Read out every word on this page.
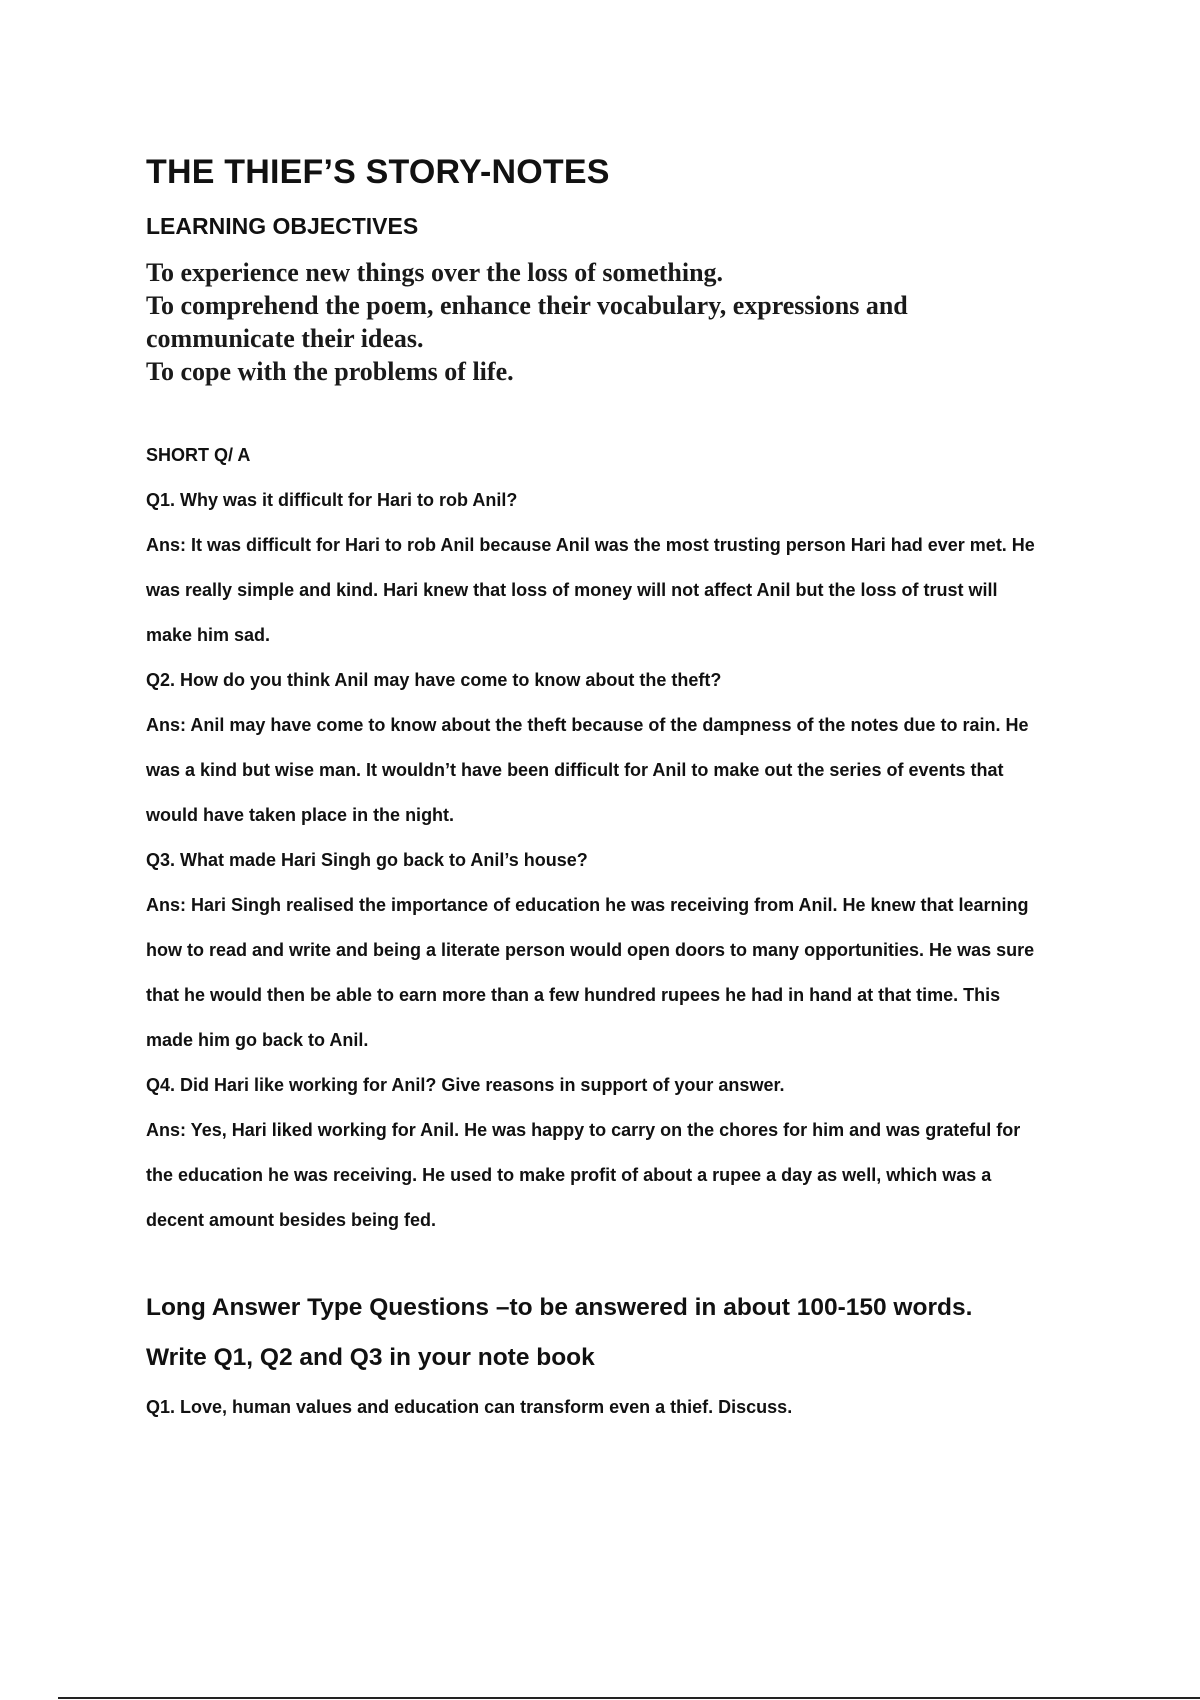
THE THIEF’S STORY-NOTES
LEARNING OBJECTIVES
To experience new things over the loss of something.
To comprehend the poem, enhance their vocabulary, expressions and communicate their ideas.
To cope with the problems of life.
SHORT Q/ A

Q1. Why was it difficult for Hari to rob Anil?

Ans: It was difficult for Hari to rob Anil because Anil was the most trusting person Hari had ever met. He was really simple and kind. Hari knew that loss of money will not affect Anil but the loss of trust will make him sad.

Q2. How do you think Anil may have come to know about the theft?

Ans: Anil may have come to know about the theft because of the dampness of the notes due to rain. He was a kind but wise man. It wouldn’t have been difficult for Anil to make out the series of events that would have taken place in the night.

Q3. What made Hari Singh go back to Anil’s house?

Ans: Hari Singh realised the importance of education he was receiving from Anil. He knew that learning how to read and write and being a literate person would open doors to many opportunities. He was sure that he would then be able to earn more than a few hundred rupees he had in hand at that time. This made him go back to Anil.

Q4. Did Hari like working for Anil? Give reasons in support of your answer.

Ans: Yes, Hari liked working for Anil. He was happy to carry on the chores for him and was grateful for the education he was receiving. He used to make profit of about a rupee a day as well, which was a decent amount besides being fed.

Long Answer Type Questions –to be answered in about 100-150 words.

Write Q1, Q2 and Q3 in your note book

Q1. Love, human values and education can transform even a thief. Discuss.
